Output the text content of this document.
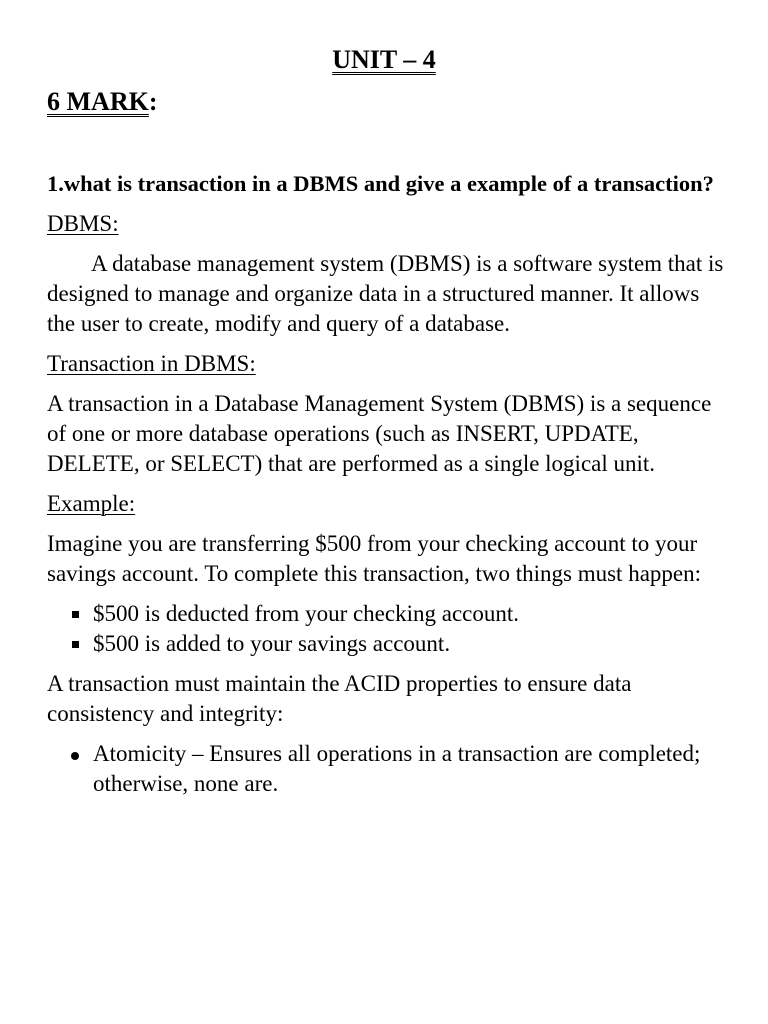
UNIT – 4
6 MARK:

1.what is transaction in a DBMS and give a example of a transaction?

DBMS:

A database management system (DBMS) is a software system that is designed to manage and organize data in a structured manner. It allows the user to create, modify and query of a database.

Transaction in DBMS:

A transaction in a Database Management System (DBMS) is a sequence of one or more database operations (such as INSERT, UPDATE, DELETE, or SELECT) that are performed as a single logical unit.

Example:

Imagine you are transferring $500 from your checking account to your savings account. To complete this transaction, two things must happen:

$500 is deducted from your checking account.
$500 is added to your savings account.

A transaction must maintain the ACID properties to ensure data consistency and integrity:

Atomicity – Ensures all operations in a transaction are completed; otherwise, none are.
